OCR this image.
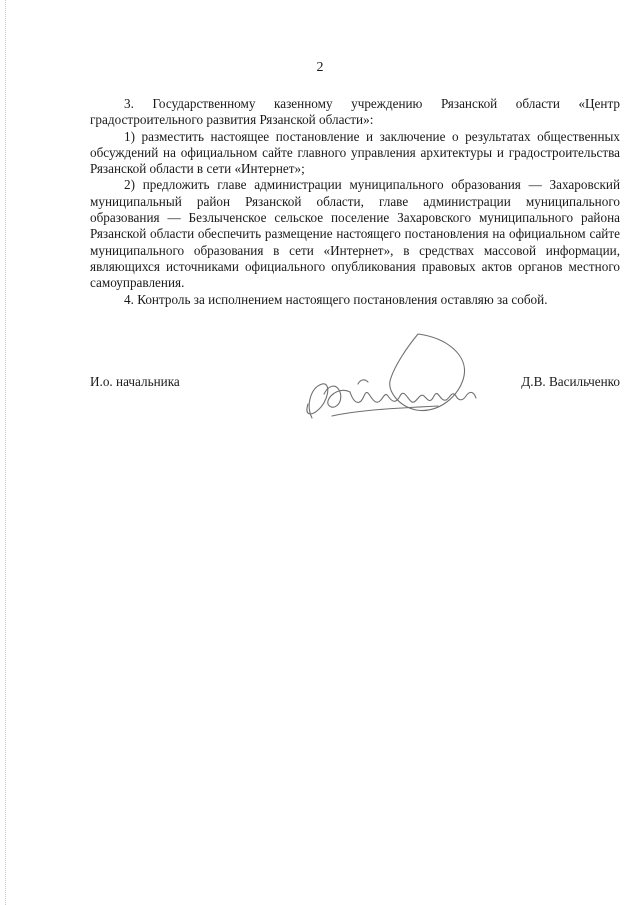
2

3. Государственному казенному учреждению Рязанской области «Центр градостроительного развития Рязанской области»:

1) разместить настоящее постановление и заключение о результатах общественных обсуждений на официальном сайте главного управления архитектуры и градостроительства Рязанской области в сети «Интернет»;

2) предложить главе администрации муниципального образования — Захаровский муниципальный район Рязанской области, главе администрации муниципального образования — Безлыченское сельское поселение Захаровского муниципального района Рязанской области обеспечить размещение настоящего постановления на официальном сайте муниципального образования в сети «Интернет», в средствах массовой информации, являющихся источниками официального опубликования правовых актов органов местного самоуправления.

4. Контроль за исполнением настоящего постановления оставляю за собой.

И.о. начальника	Д.В. Васильченко
